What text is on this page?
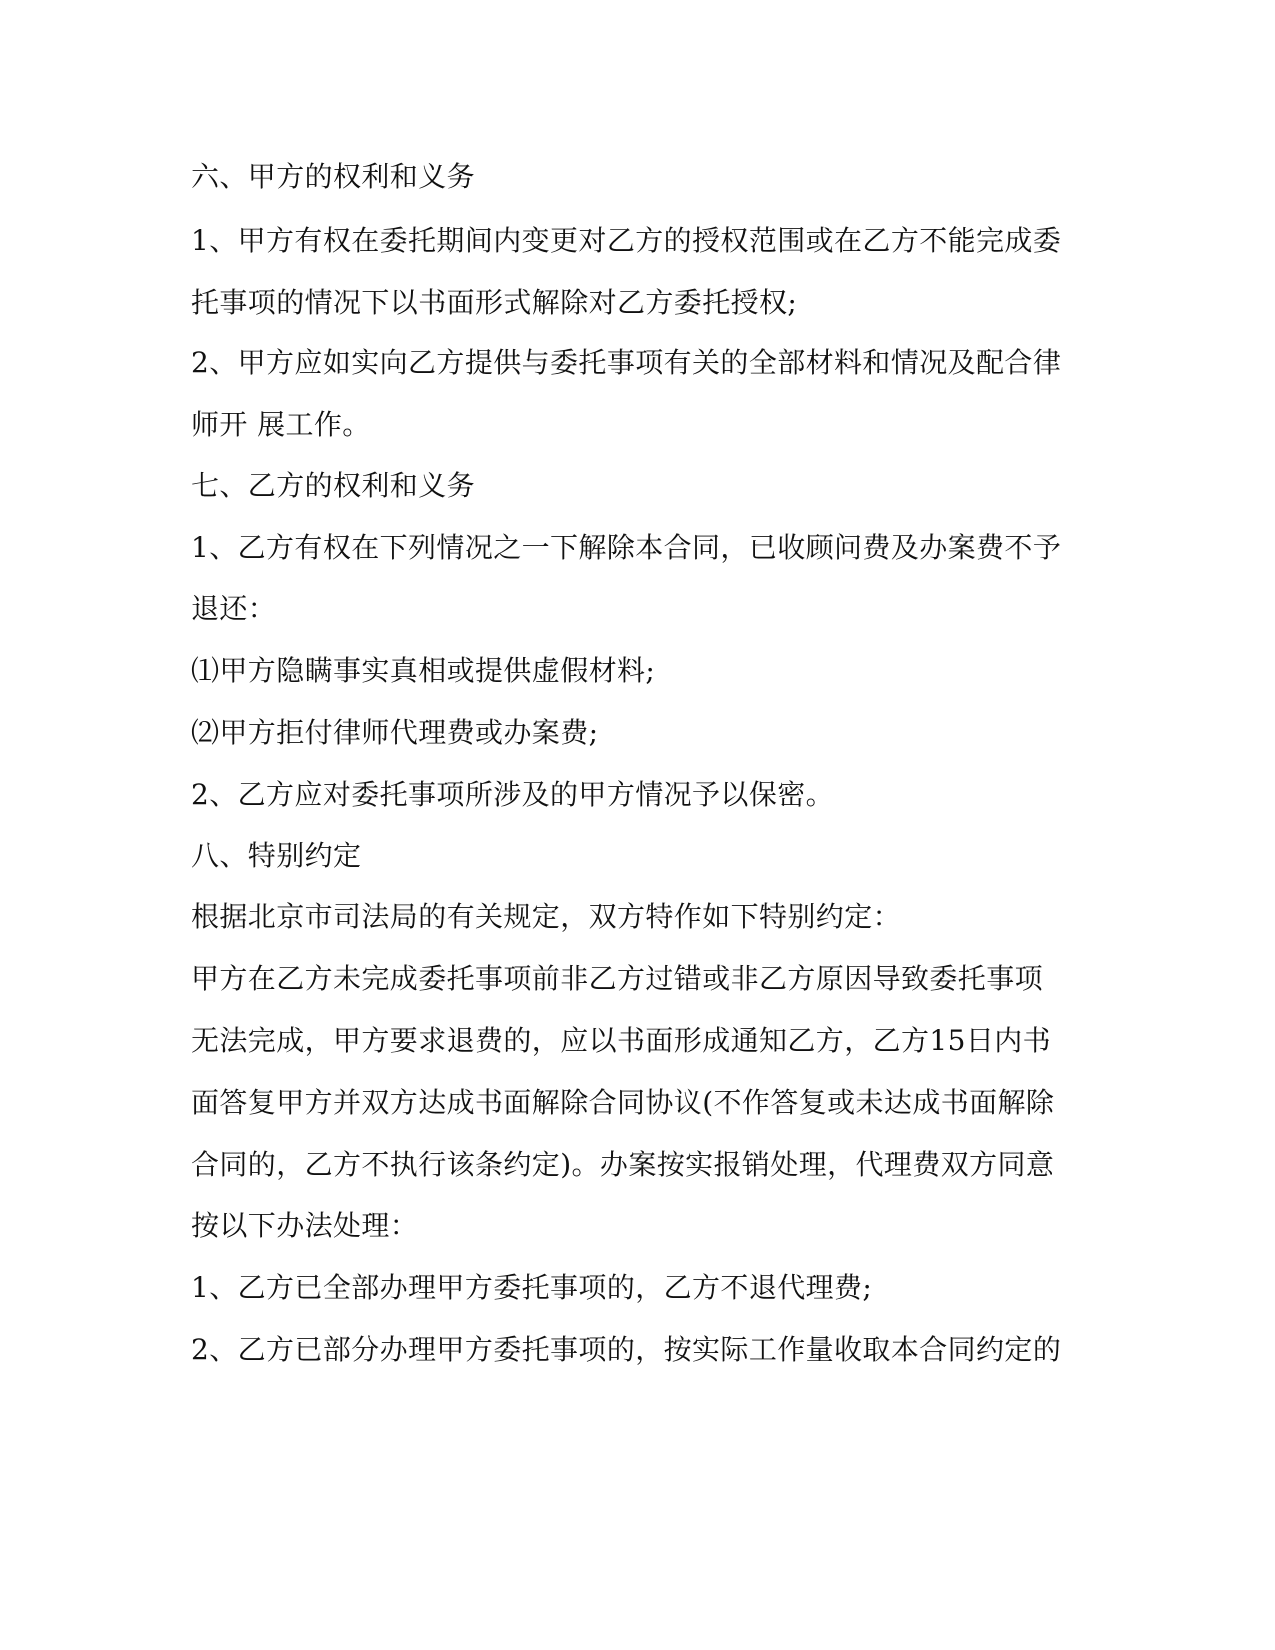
六、甲方的权利和义务
1、甲方有权在委托期间内变更对乙方的授权范围或在乙方不能完成委
托事项的情况下以书面形式解除对乙方委托授权;
2、甲方应如实向乙方提供与委托事项有关的全部材料和情况及配合律
师开 展工作。
七、乙方的权利和义务
1、乙方有权在下列情况之一下解除本合同，已收顾问费及办案费不予
退还：
⑴甲方隐瞒事实真相或提供虚假材料;
⑵甲方拒付律师代理费或办案费;
2、乙方应对委托事项所涉及的甲方情况予以保密。
八、特别约定
根据北京市司法局的有关规定，双方特作如下特别约定：
甲方在乙方未完成委托事项前非乙方过错或非乙方原因导致委托事项
无法完成，甲方要求退费的，应以书面形成通知乙方，乙方15日内书
面答复甲方并双方达成书面解除合同协议(不作答复或未达成书面解除
合同的，乙方不执行该条约定)。办案按实报销处理，代理费双方同意
按以下办法处理：
1、乙方已全部办理甲方委托事项的，乙方不退代理费;
2、乙方已部分办理甲方委托事项的，按实际工作量收取本合同约定的
